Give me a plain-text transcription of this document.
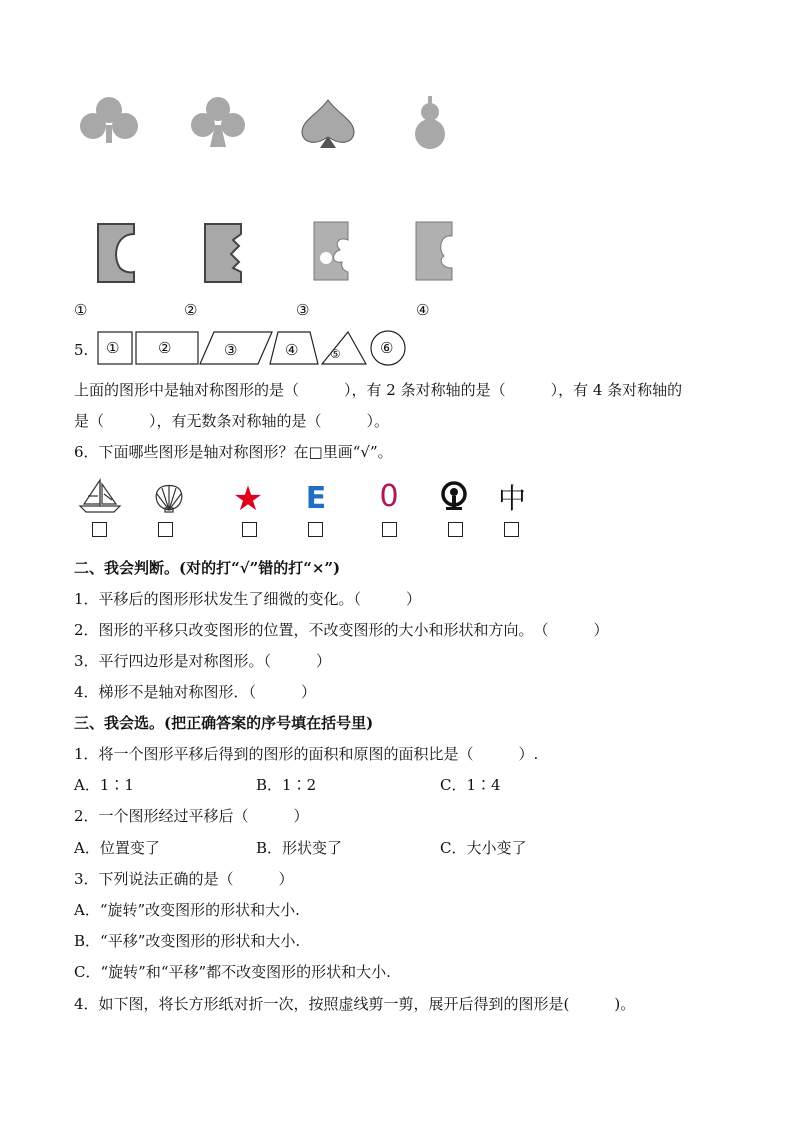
①	②	③	④
5. ①	②	③	④	⑤	⑥
上面的图形中是轴对称图形的是（　　　），有 2 条对称轴的是（　　　），有 4 条对称轴的
是（　　　），有无数条对称轴的是（　　　）。
6．下面哪些图形是轴对称图形？在□里画“√”。
★ E 0	中
二、我会判断。(对的打“√”错的打“×”)
1．平移后的图形形状发生了细微的变化。（　　　）
2．图形的平移只改变图形的位置，不改变图形的大小和形状和方向。　（　　　）
3．平行四边形是对称图形。（　　　）
4．梯形不是轴对称图形．（　　　）
三、我会选。(把正确答案的序号填在括号里)
1．将一个图形平移后得到的图形的面积和原图的面积比是（　　　）.
A．1∶1	B．1∶2	C．1∶4
2．一个图形经过平移后（　　　）
A．位置变了	B．形状变了	C．大小变了
3．下列说法正确的是（　　　）
A．“旋转”改变图形的形状和大小.
B．“平移”改变图形的形状和大小.
C．“旋转”和“平移”都不改变图形的形状和大小.
4．如下图，将长方形纸对折一次，按照虚线剪一剪，展开后得到的图形是(　　　)。
